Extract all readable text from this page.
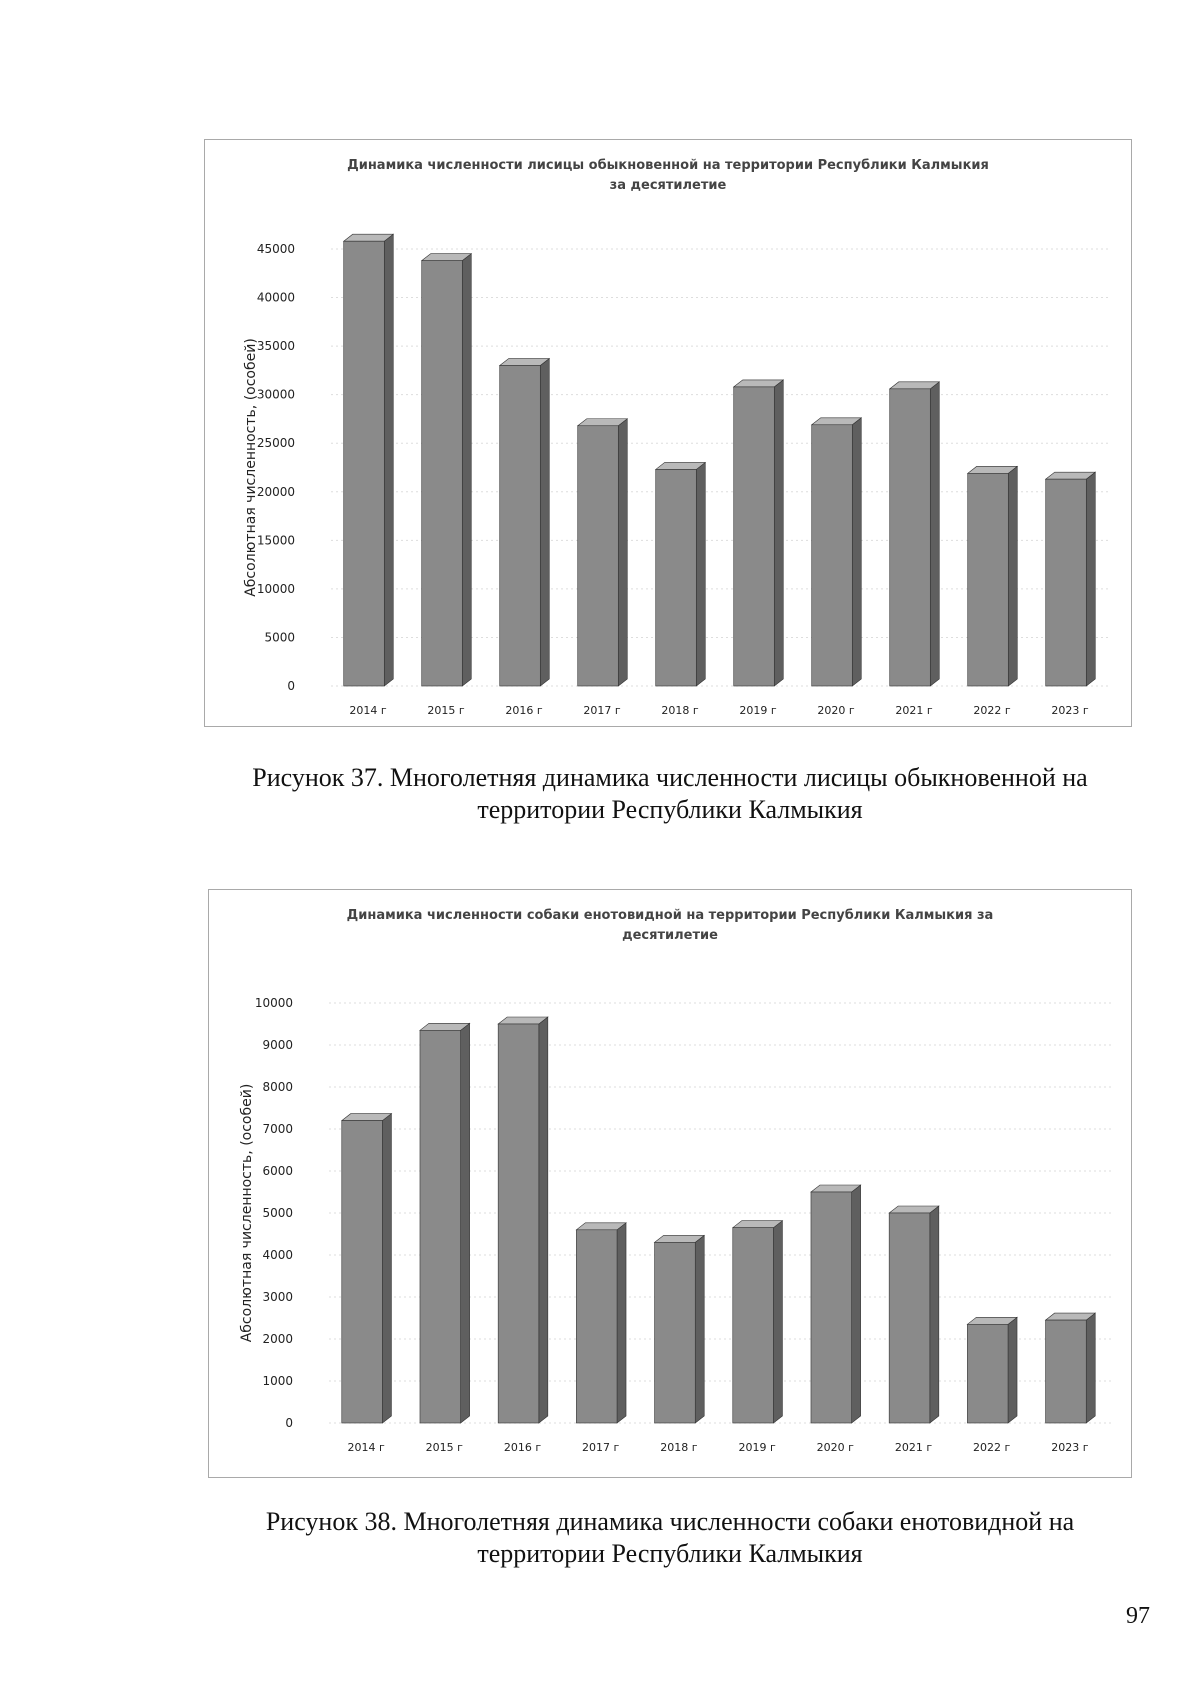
Динамика численности лисицы обыкновенной на территории Республики Калмыкия
за десятилетие
0
5000
10000
15000
20000
25000
30000
35000
40000
45000
Абсолютная численность, (особей)
2014 г	2015 г	2016 г	2017 г	2018 г	2019 г	2020 г	2021 г	2022 г	2023 г
Рисунок 37. Многолетняя динамика численности лисицы обыкновенной на
территории Республики Калмыкия
Динамика численности собаки енотовидной на территории Республики Калмыкия за
десятилетие
0
1000
2000
3000
4000
5000
6000
7000
8000
9000
10000
Абсолютная численность, (особей)
2014 г	2015 г	2016 г	2017 г	2018 г	2019 г	2020 г	2021 г	2022 г	2023 г
Рисунок 38. Многолетняя динамика численности собаки енотовидной на
территории Республики Калмыкия
97
